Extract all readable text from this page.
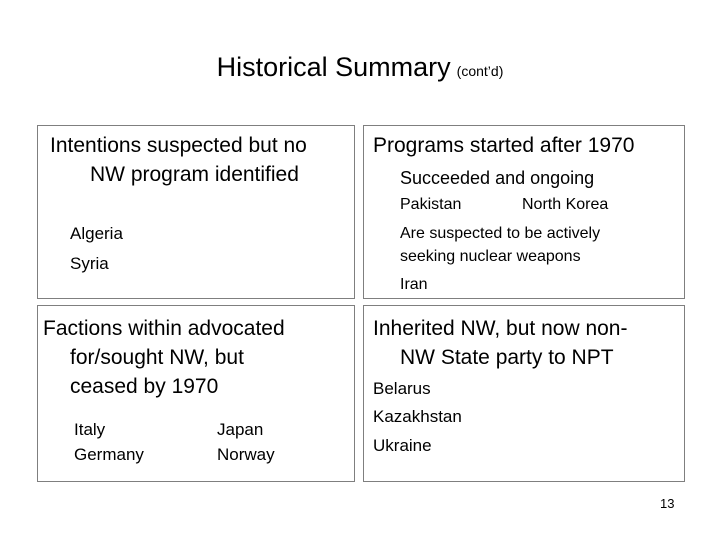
Historical Summary (cont’d)
Intentions suspected but no
NW program identified
Algeria
Syria
Programs started after 1970
Succeeded and ongoing
Pakistan	North Korea
Are suspected to be actively
seeking nuclear weapons
Iran
Factions within advocated
for/sought NW, but
ceased by 1970
Italy
Germany
Japan
Norway
Inherited NW, but now non-
NW State party to NPT
Belarus
Kazakhstan
Ukraine
13
